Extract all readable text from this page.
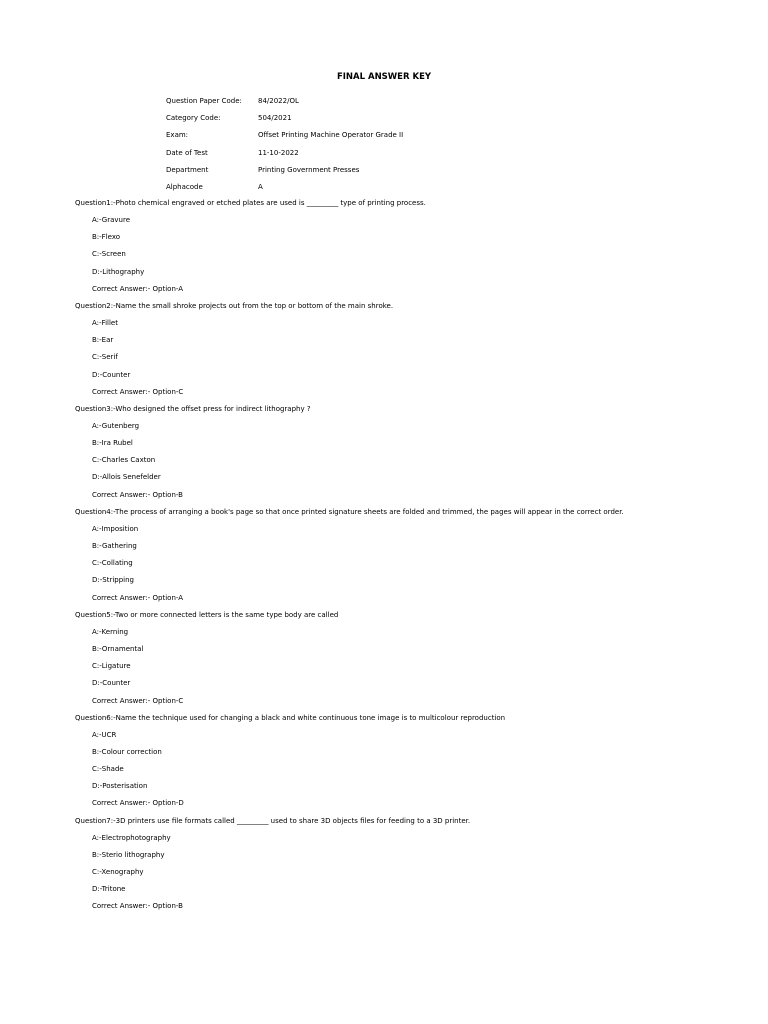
FINAL ANSWER KEY
Question Paper Code: 84/2022/OL
Category Code:	504/2021
Exam:	Offset Printing Machine Operator Grade II
Date of Test	11-10-2022
Department	Printing Government Presses
Alphacode	A
Question1:-Photo chemical engraved or etched plates are used is _________ type of printing process.
A:-Gravure
B:-Flexo
C:-Screen
D:-Lithography
Correct Answer:- Option-A
Question2:-Name the small shroke projects out from the top or bottom of the main shroke.
A:-Fillet
B:-Ear
C:-Serif
D:-Counter
Correct Answer:- Option-C
Question3:-Who designed the offset press for indirect lithography ?
A:-Gutenberg
B:-Ira Rubel
C:-Charles Caxton
D:-Allois Senefelder
Correct Answer:- Option-B
Question4:-The process of arranging a book's page so that once printed signature sheets are folded and trimmed, the pages will appear in the correct order.
A:-Imposition
B:-Gathering
C:-Collating
D:-Stripping
Correct Answer:- Option-A
Question5:-Two or more connected letters is the same type body are called
A:-Kerning
B:-Ornamental
C:-Ligature
D:-Counter
Correct Answer:- Option-C
Question6:-Name the technique used for changing a black and white continuous tone image is to multicolour reproduction
A:-UCR
B:-Colour correction
C:-Shade
D:-Posterisation
Correct Answer:- Option-D
Question7:-3D printers use file formats called _________ used to share 3D objects files for feeding to a 3D printer.
A:-Electrophotography
B:-Sterio lithography
C:-Xenography
D:-Tritone
Correct Answer:- Option-B
